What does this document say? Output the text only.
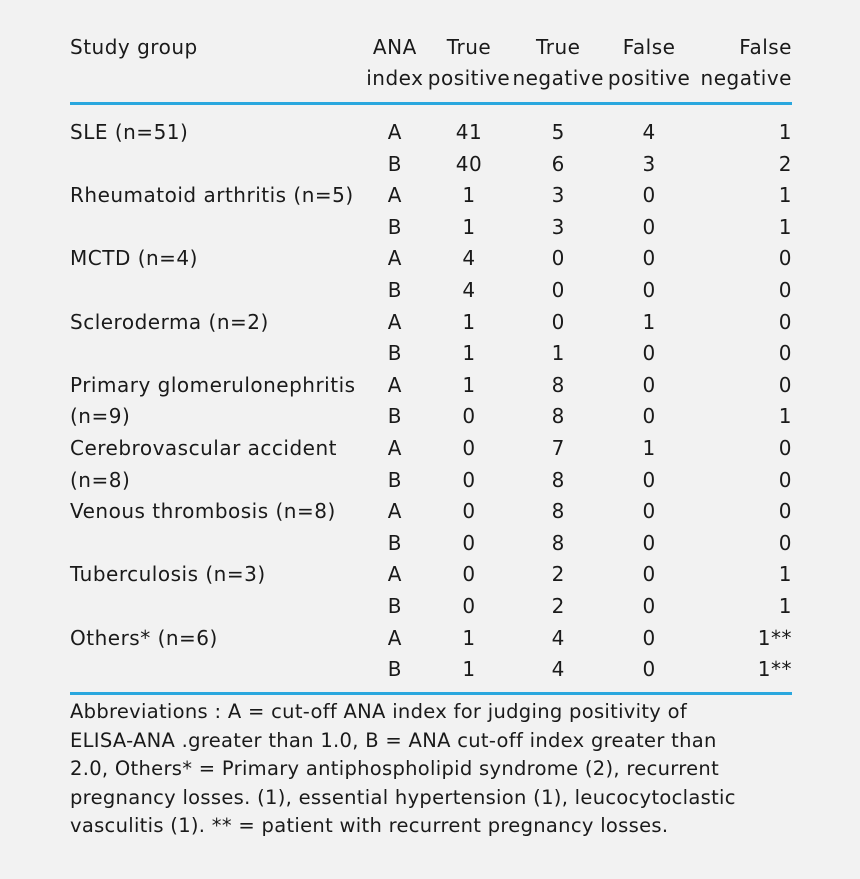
Study group	ANA	True	True	False	False
	index	positive	negative	positive	negative
SLE (n=51)	A	41	5	4	1
	B	40	6	3	2
Rheumatoid arthritis (n=5)	A	1	3	0	1
	B	1	3	0	1
MCTD (n=4)	A	4	0	0	0
	B	4	0	0	0
Scleroderma (n=2)	A	1	0	1	0
	B	1	1	0	0
Primary glomerulonephritis	A	1	8	0	0
(n=9)	B	0	8	0	1
Cerebrovascular accident	A	0	7	1	0
(n=8)	B	0	8	0	0
Venous thrombosis (n=8)	A	0	8	0	0
	B	0	8	0	0
Tuberculosis (n=3)	A	0	2	0	1
	B	0	2	0	1
Others* (n=6)	A	1	4	0	1**
	B	1	4	0	1**
Abbreviations : A = cut-off ANA index for judging positivity of
ELISA-ANA .greater than 1.0, B = ANA cut-off index greater than
2.0, Others* = Primary antiphospholipid syndrome (2), recurrent
pregnancy losses. (1), essential hypertension (1), leucocytoclastic
vasculitis (1). ** = patient with recurrent pregnancy losses.
